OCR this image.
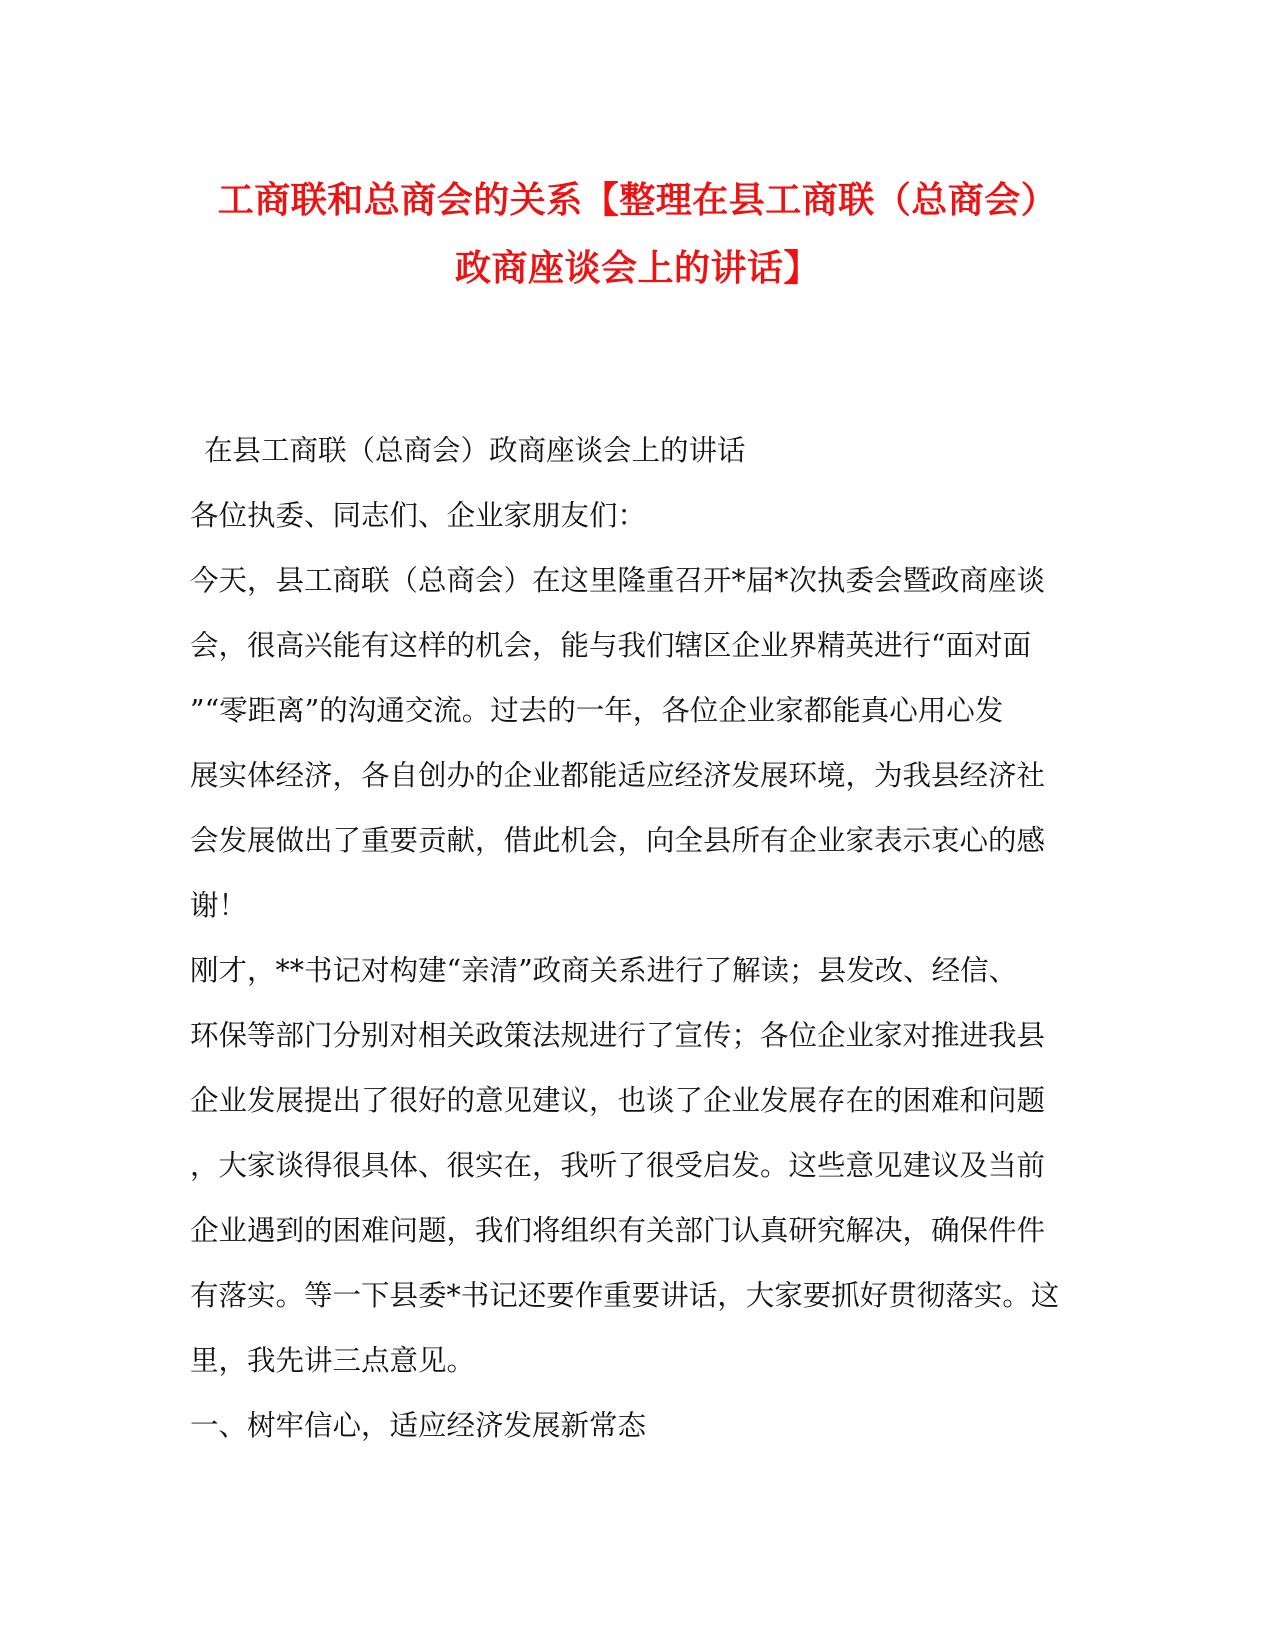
工商联和总商会的关系【整理在县工商联（总商会）
政商座谈会上的讲话】
在县工商联（总商会）政商座谈会上的讲话
各位执委、同志们、企业家朋友们：
今天，县工商联（总商会）在这里隆重召开*届*次执委会暨政商座谈
会，很高兴能有这样的机会，能与我们辖区企业界精英进行“面对面
”“零距离”的沟通交流。过去的一年，各位企业家都能真心用心发
展实体经济，各自创办的企业都能适应经济发展环境，为我县经济社
会发展做出了重要贡献，借此机会，向全县所有企业家表示衷心的感
谢！
刚才，**书记对构建“亲清”政商关系进行了解读；县发改、经信、
环保等部门分别对相关政策法规进行了宣传；各位企业家对推进我县
企业发展提出了很好的意见建议，也谈了企业发展存在的困难和问题
，大家谈得很具体、很实在，我听了很受启发。这些意见建议及当前
企业遇到的困难问题，我们将组织有关部门认真研究解决，确保件件
有落实。等一下县委*书记还要作重要讲话，大家要抓好贯彻落实。这
里，我先讲三点意见。
一、树牢信心，适应经济发展新常态
